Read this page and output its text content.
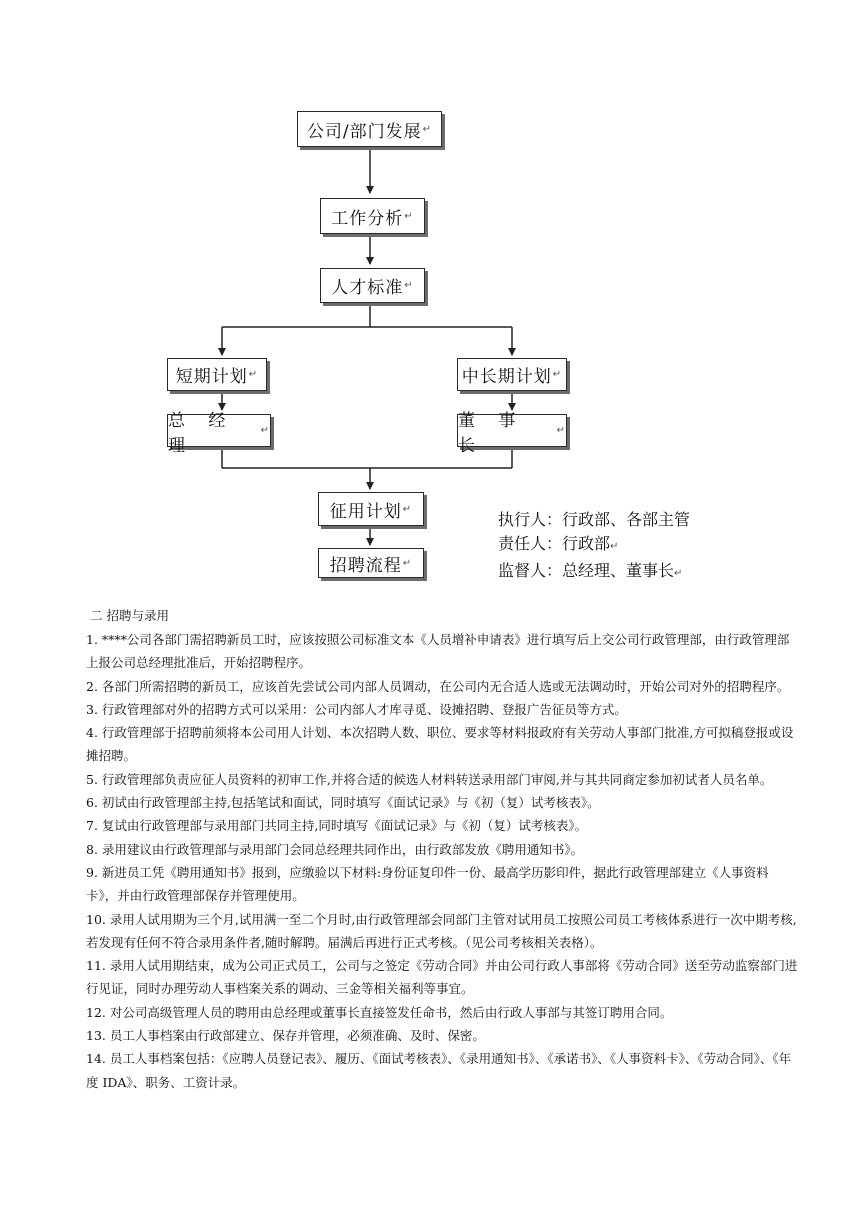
公司/部门发展 ↵
工作分析 ↵
人才标准 ↵
短期计划 ↵	中长期计划 ↵
总 经 理
↵	董 事 长
↵
征用计划 ↵
招聘流程 ↵
执行人：行政部、各部主管
责任人：行政部↵
监督人：总经理、董事长↵
二 招聘与录用

1. ****公司各部门需招聘新员工时，应该按照公司标准文本《人员增补申请表》进行填写后上交公司行政管理部，由行政管理部上报公司总经理批准后，开始招聘程序。

2. 各部门所需招聘的新员工，应该首先尝试公司内部人员调动，在公司内无合适人选或无法调动时，开始公司对外的招聘程序。

3. 行政管理部对外的招聘方式可以采用：公司内部人才库寻觅、设摊招聘、登报广告征员等方式。

4. 行政管理部于招聘前须将本公司用人计划、本次招聘人数、职位、要求等材料报政府有关劳动人事部门批准,方可拟稿登报或设摊招聘。

5. 行政管理部负责应征人员资料的初审工作,并将合适的候选人材料转送录用部门审阅,并与其共同商定参加初试者人员名单。

6. 初试由行政管理部主持,包括笔试和面试，同时填写《面试记录》与《初（复）试考核表》。

7. 复试由行政管理部与录用部门共同主持,同时填写《面试记录》与《初（复）试考核表》。

8. 录用建议由行政管理部与录用部门会同总经理共同作出，由行政部发放《聘用通知书》。

9. 新进员工凭《聘用通知书》报到，应缴验以下材料:身份证复印件一份、最高学历影印件，据此行政管理部建立《人事资料卡》，并由行政管理部保存并管理使用。

10. 录用人试用期为三个月,试用满一至二个月时,由行政管理部会同部门主管对试用员工按照公司员工考核体系进行一次中期考核,若发现有任何不符合录用条件者,随时解聘。届满后再进行正式考核。（见公司考核相关表格）。

11. 录用人试用期结束，成为公司正式员工，公司与之签定《劳动合同》并由公司行政人事部将《劳动合同》送至劳动监察部门进行见证，同时办理劳动人事档案关系的调动、三金等相关福利等事宜。

12. 对公司高级管理人员的聘用由总经理或董事长直接签发任命书，然后由行政人事部与其签订聘用合同。

13. 员工人事档案由行政部建立、保存并管理，必须准确、及时、保密。

14. 员工人事档案包括：《应聘人员登记表》、履历、《面试考核表》、《录用通知书》、《承诺书》、《人事资料卡》、《劳动合同》、《年度 IDA》、职务、工资计录。
